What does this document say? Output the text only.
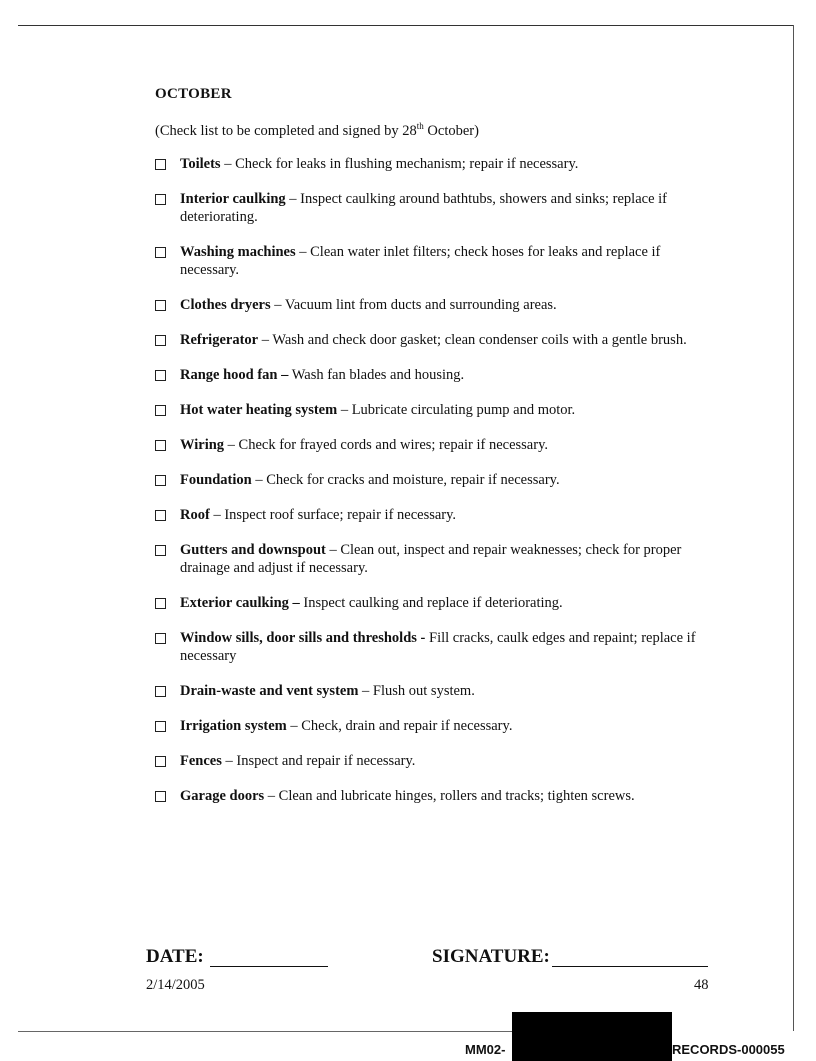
OCTOBER
(Check list to be completed and signed by 28th October)
Toilets – Check for leaks in flushing mechanism; repair if necessary.
Interior caulking – Inspect caulking around bathtubs, showers and sinks; replace if deteriorating.
Washing machines – Clean water inlet filters; check hoses for leaks and replace if necessary.
Clothes dryers – Vacuum lint from ducts and surrounding areas.
Refrigerator – Wash and check door gasket; clean condenser coils with a gentle brush.
Range hood fan – Wash fan blades and housing.
Hot water heating system – Lubricate circulating pump and motor.
Wiring – Check for frayed cords and wires; repair if necessary.
Foundation – Check for cracks and moisture, repair if necessary.
Roof – Inspect roof surface; repair if necessary.
Gutters and downspout – Clean out, inspect and repair weaknesses; check for proper drainage and adjust if necessary.
Exterior caulking – Inspect caulking and replace if deteriorating.
Window sills, door sills and thresholds - Fill cracks, caulk edges and repaint; replace if necessary
Drain-waste and vent system – Flush out system.
Irrigation system – Check, drain and repair if necessary.
Fences – Inspect and repair if necessary.
Garage doors – Clean and lubricate hinges, rollers and tracks; tighten screws.
DATE:	SIGNATURE:
2/14/2005	48
MM02-	RECORDS-000055
